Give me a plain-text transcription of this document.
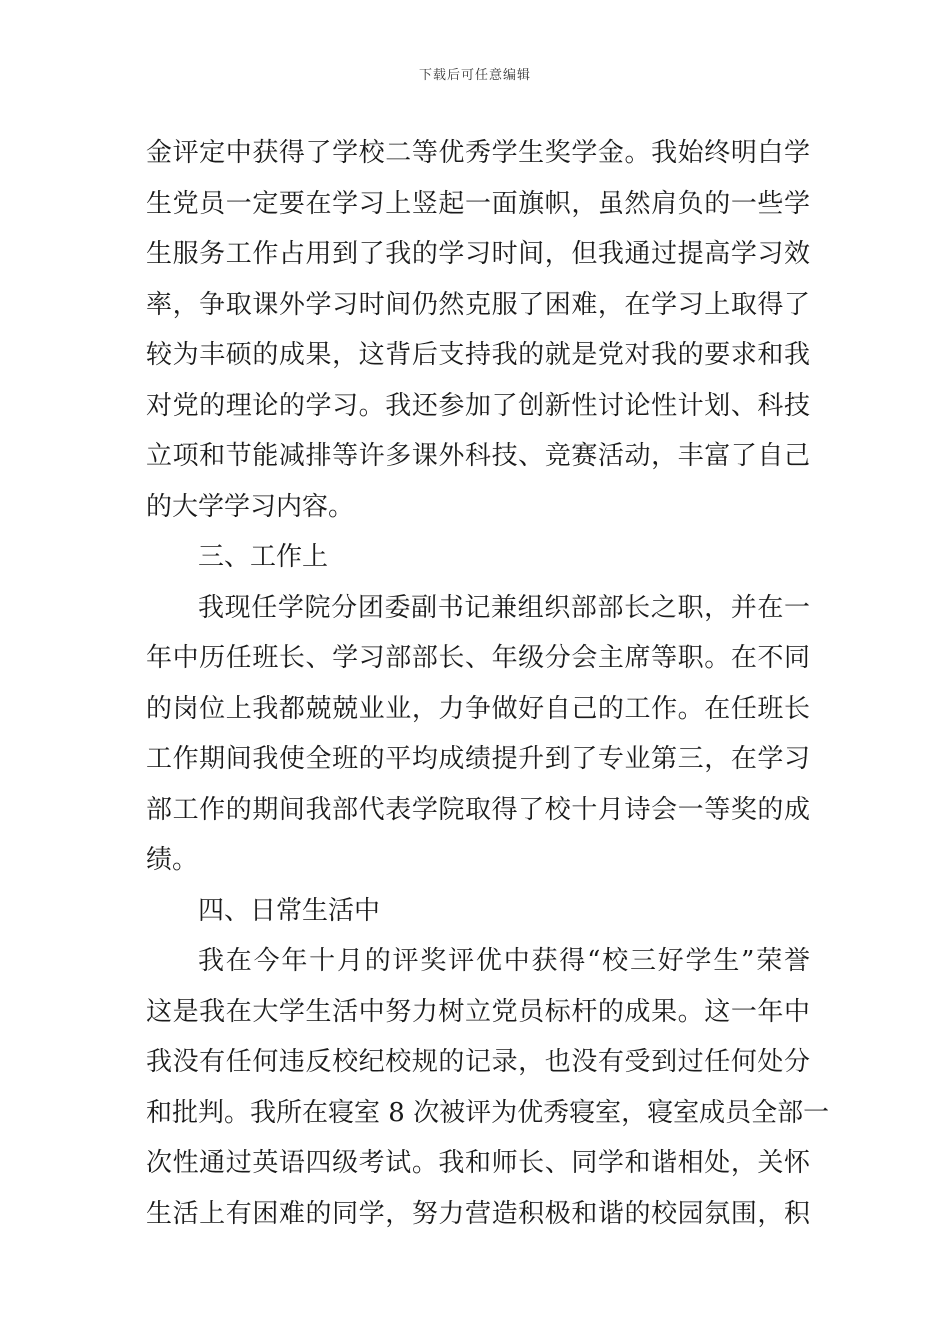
下载后可任意编辑
金评定中获得了学校二等优秀学生奖学金。我始终明白学
生党员一定要在学习上竖起一面旗帜，虽然肩负的一些学
生服务工作占用到了我的学习时间，但我通过提高学习效
率，争取课外学习时间仍然克服了困难，在学习上取得了
较为丰硕的成果，这背后支持我的就是党对我的要求和我
对党的理论的学习。我还参加了创新性讨论性计划、科技
立项和节能减排等许多课外科技、竞赛活动，丰富了自己
的大学学习内容。
三、工作上
我现任学院分团委副书记兼组织部部长之职，并在一
年中历任班长、学习部部长、年级分会主席等职。在不同
的岗位上我都兢兢业业，力争做好自己的工作。在任班长
工作期间我使全班的平均成绩提升到了专业第三，在学习
部工作的期间我部代表学院取得了校十月诗会一等奖的成
绩。
四、日常生活中
我在今年十月的评奖评优中获得“校三好学生”荣誉
这是我在大学生活中努力树立党员标杆的成果。这一年中
我没有任何违反校纪校规的记录，也没有受到过任何处分
和批判。我所在寝室 8 次被评为优秀寝室，寝室成员全部一
次性通过英语四级考试。我和师长、同学和谐相处，关怀
生活上有困难的同学，努力营造积极和谐的校园氛围，积
